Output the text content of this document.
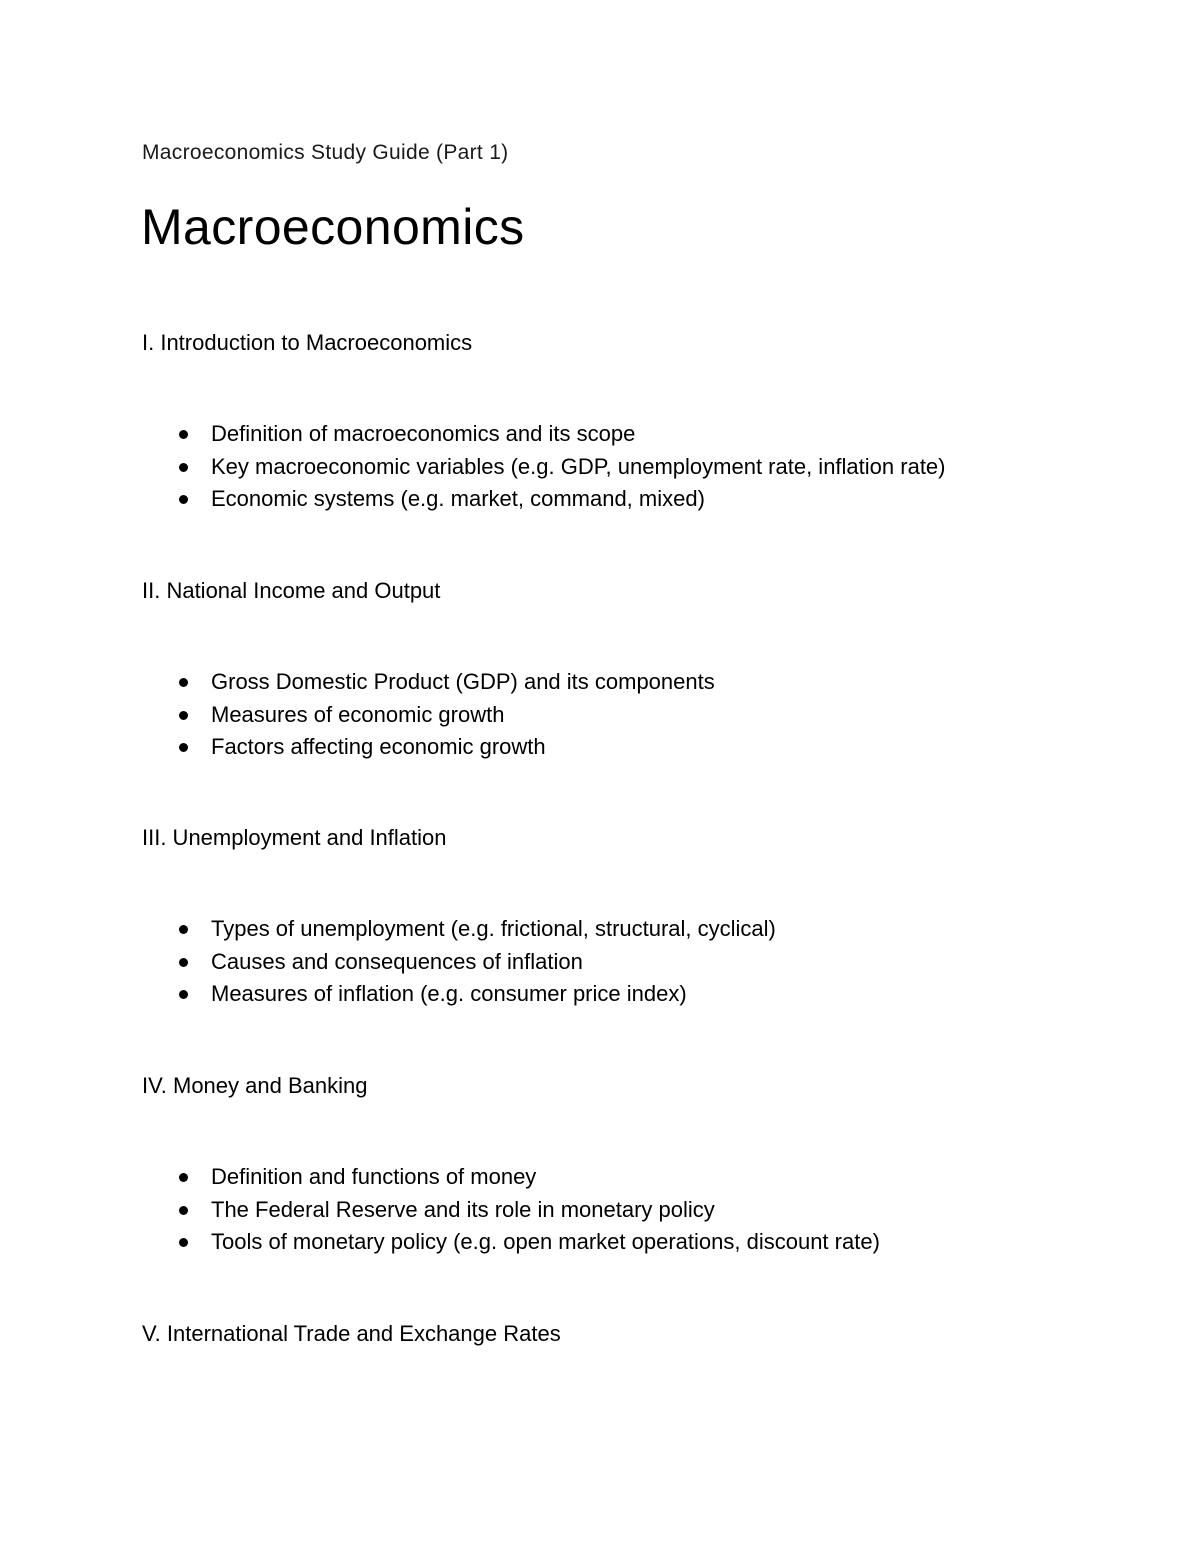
Macroeconomics Study Guide (Part 1)
Macroeconomics
I. Introduction to Macroeconomics
Definition of macroeconomics and its scope
Key macroeconomic variables (e.g. GDP, unemployment rate, inflation rate)
Economic systems (e.g. market, command, mixed)
II. National Income and Output
Gross Domestic Product (GDP) and its components
Measures of economic growth
Factors affecting economic growth
III. Unemployment and Inflation
Types of unemployment (e.g. frictional, structural, cyclical)
Causes and consequences of inflation
Measures of inflation (e.g. consumer price index)
IV. Money and Banking
Definition and functions of money
The Federal Reserve and its role in monetary policy
Tools of monetary policy (e.g. open market operations, discount rate)
V. International Trade and Exchange Rates
